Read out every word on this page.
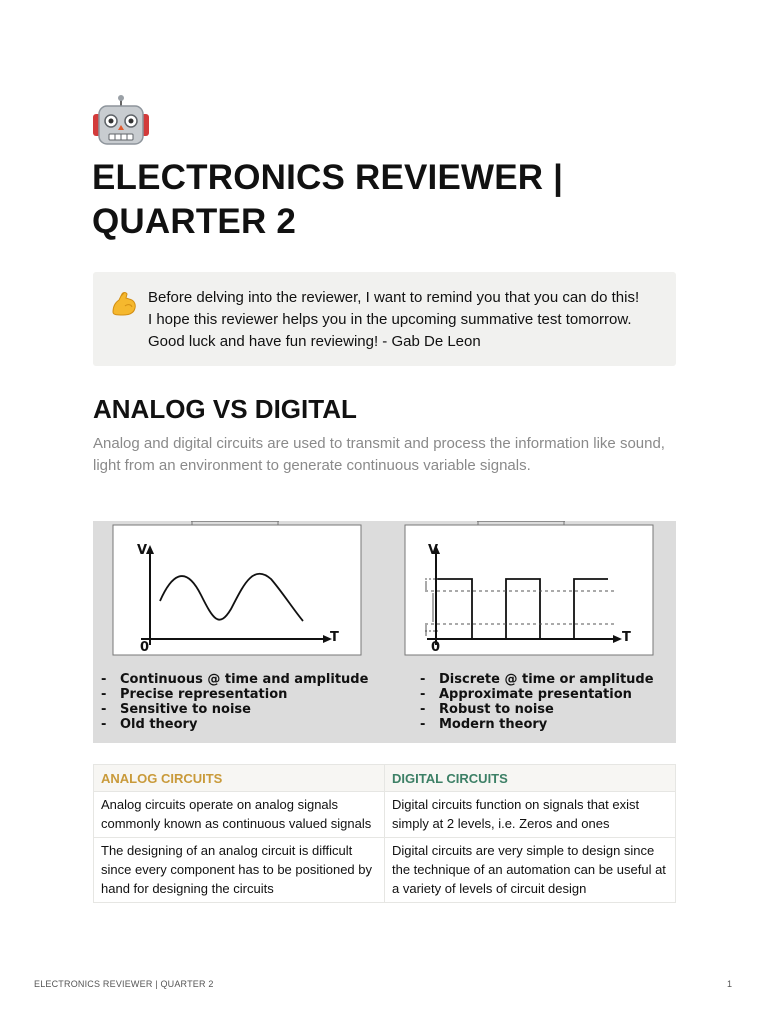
ELECTRONICS REVIEWER | QUARTER 2
Before delving into the reviewer, I want to remind you that you can do this!
I hope this reviewer helps you in the upcoming summative test tomorrow.
Good luck and have fun reviewing! - Gab De Leon
ANALOG VS DIGITAL
Analog and digital circuits are used to transmit and process the information like sound, light from an environment to generate continuous variable signals.
V
T
0
V
T
0
-
-
-
-
Continuous @ time and amplitude
Precise representation
Sensitive to noise
Old theory
-
-
-
-
Discrete @ time or amplitude
Approximate presentation
Robust to noise
Modern theory
ANALOG CIRCUITS	DIGITAL CIRCUITS
Analog circuits operate on analog signals commonly known as continuous valued signals	Digital circuits function on signals that exist simply at 2 levels, i.e. Zeros and ones
The designing of an analog circuit is difficult since every component has to be positioned by hand for designing the circuits	Digital circuits are very simple to design since the technique of an automation can be useful at a variety of levels of circuit design
ELECTRONICS REVIEWER | QUARTER 2	1
